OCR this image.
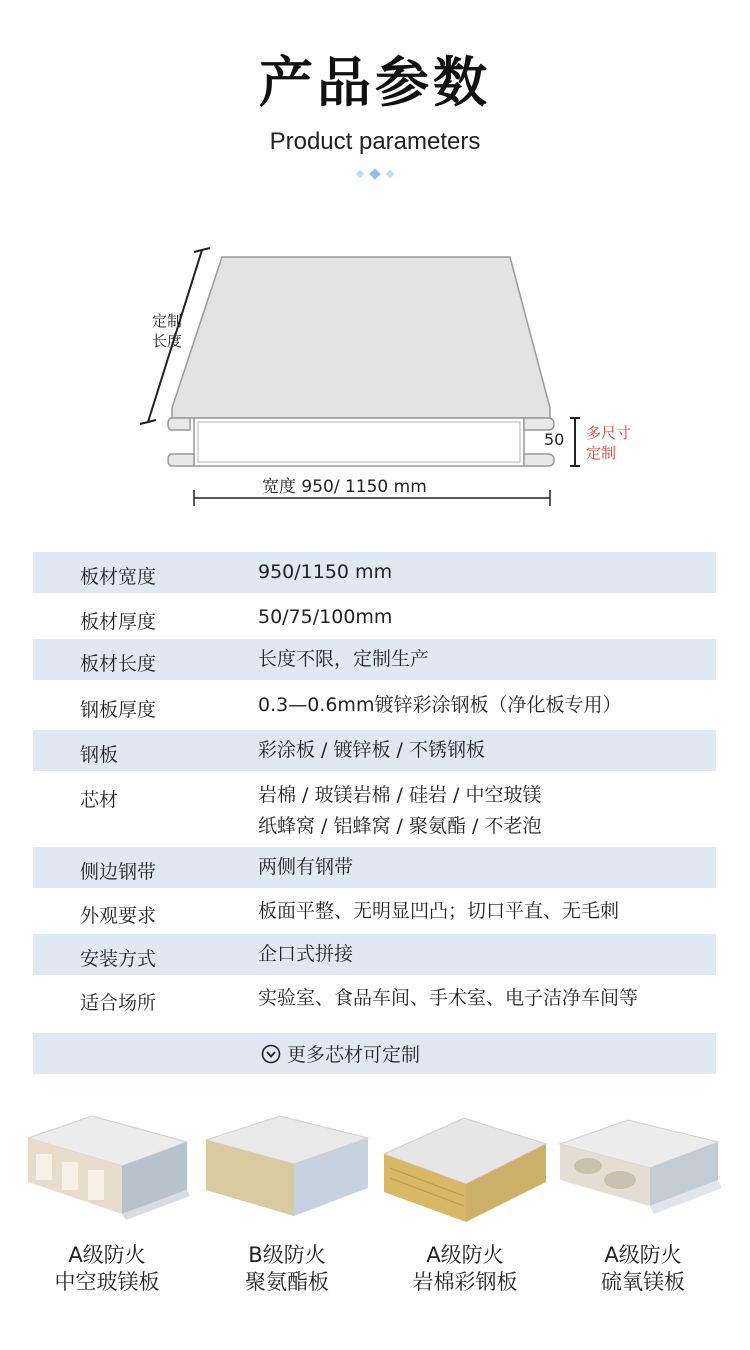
产品参数
Product parameters
定制
长度
50 多尺寸
定制
宽度 950/ 1150 mm
板材宽度	950/1150 mm
板材厚度	50/75/100mm
板材长度	长度不限，定制生产
钢板厚度	0.3—0.6mm镀锌彩涂钢板（净化板专用）
钢板	彩涂板 / 镀锌板 / 不锈钢板
芯材	岩棉 / 玻镁岩棉 / 硅岩 / 中空玻镁
纸蜂窝 / 铝蜂窝 / 聚氨酯 / 不老泡
侧边钢带	两侧有钢带
外观要求	板面平整、无明显凹凸；切口平直、无毛刺
安装方式	企口式拼接
适合场所	实验室、食品车间、手术室、电子洁净车间等
更多芯材可定制
A级防火
中空玻镁板
B级防火
聚氨酯板
A级防火
岩棉彩钢板
A级防火
硫氧镁板
